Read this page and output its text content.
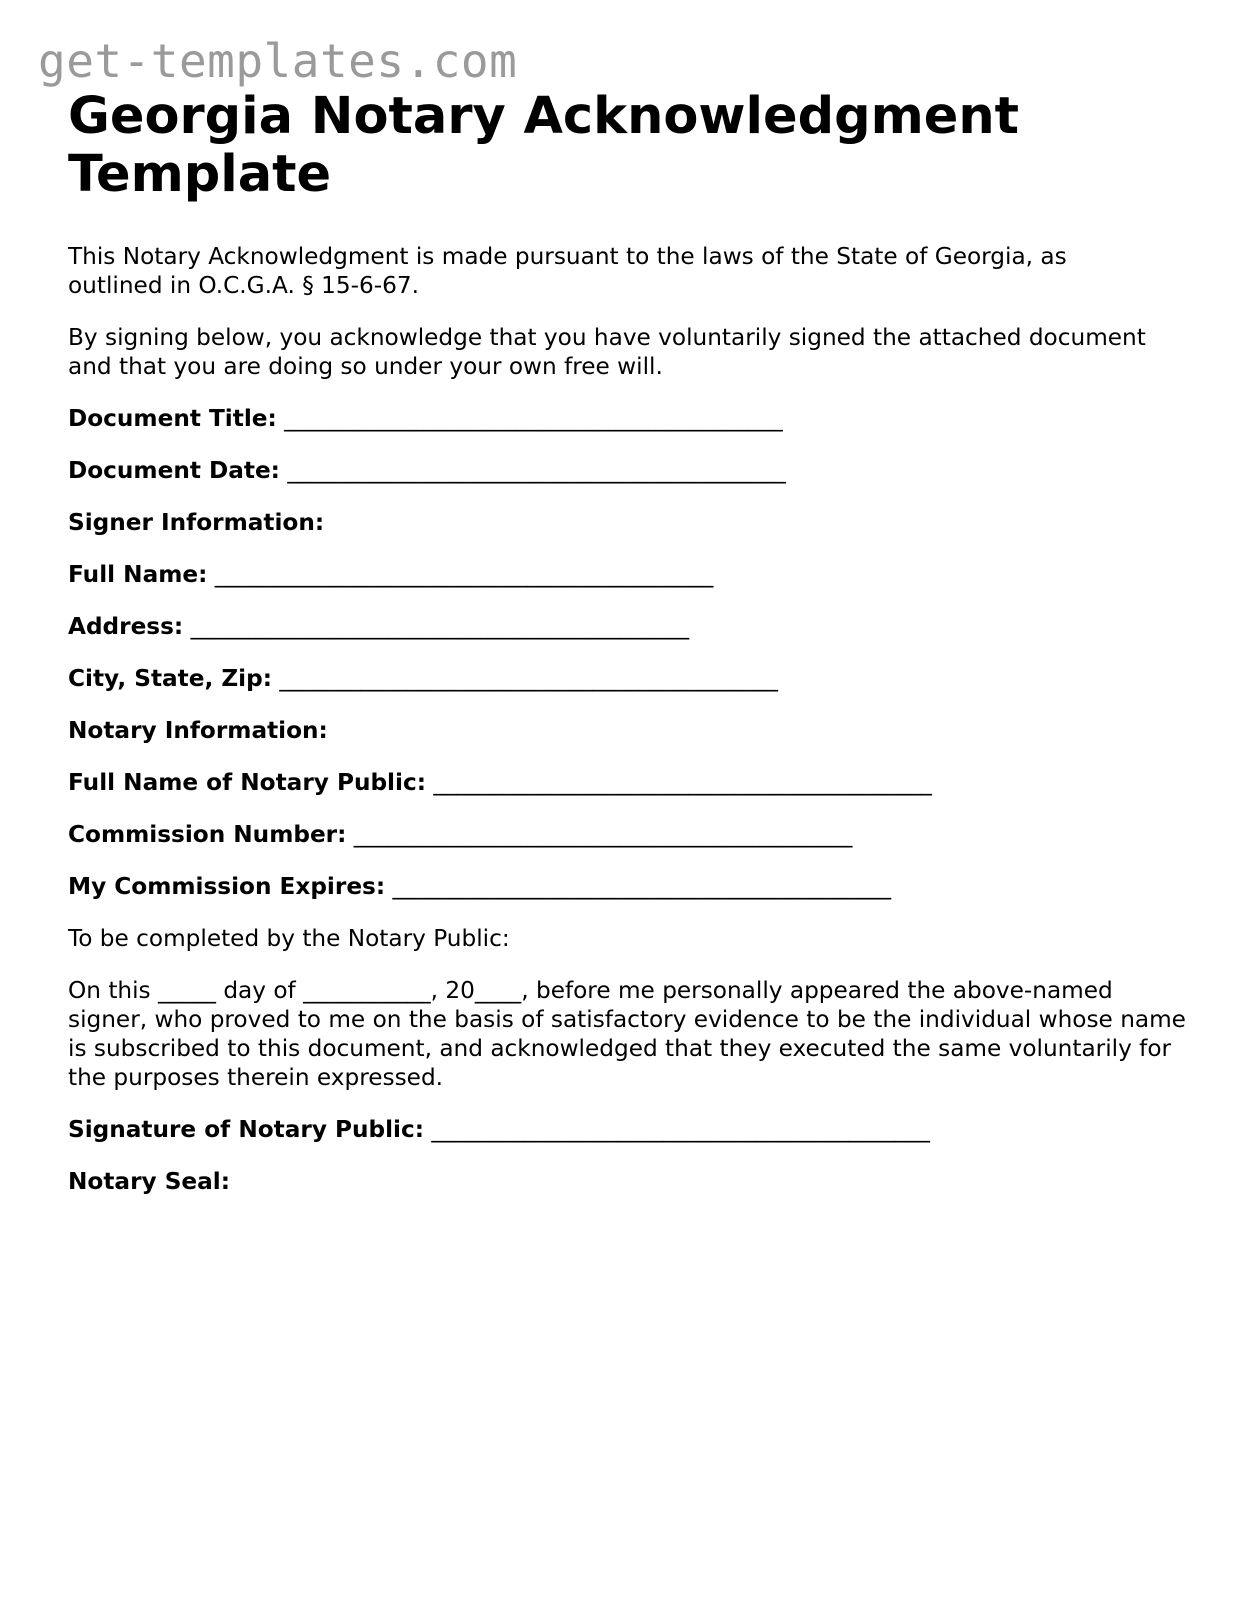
get-templates.com
Georgia Notary Acknowledgment Template

This Notary Acknowledgment is made pursuant to the laws of the State of Georgia, as outlined in O.C.G.A. § 15-6-67.

By signing below, you acknowledge that you have voluntarily signed the attached document and that you are doing so under your own free will.

Document Title: ___________________________________________
Document Date: ___________________________________________
Signer Information:
Full Name: ___________________________________________
Address: ___________________________________________
City, State, Zip: ___________________________________________
Notary Information:
Full Name of Notary Public: ___________________________________________
Commission Number: ___________________________________________
My Commission Expires: ___________________________________________

To be completed by the Notary Public:

On this _____ day of ___________, 20____, before me personally appeared the above-named signer, who proved to me on the basis of satisfactory evidence to be the individual whose name is subscribed to this document, and acknowledged that they executed the same voluntarily for the purposes therein expressed.

Signature of Notary Public: ___________________________________________
Notary Seal:
